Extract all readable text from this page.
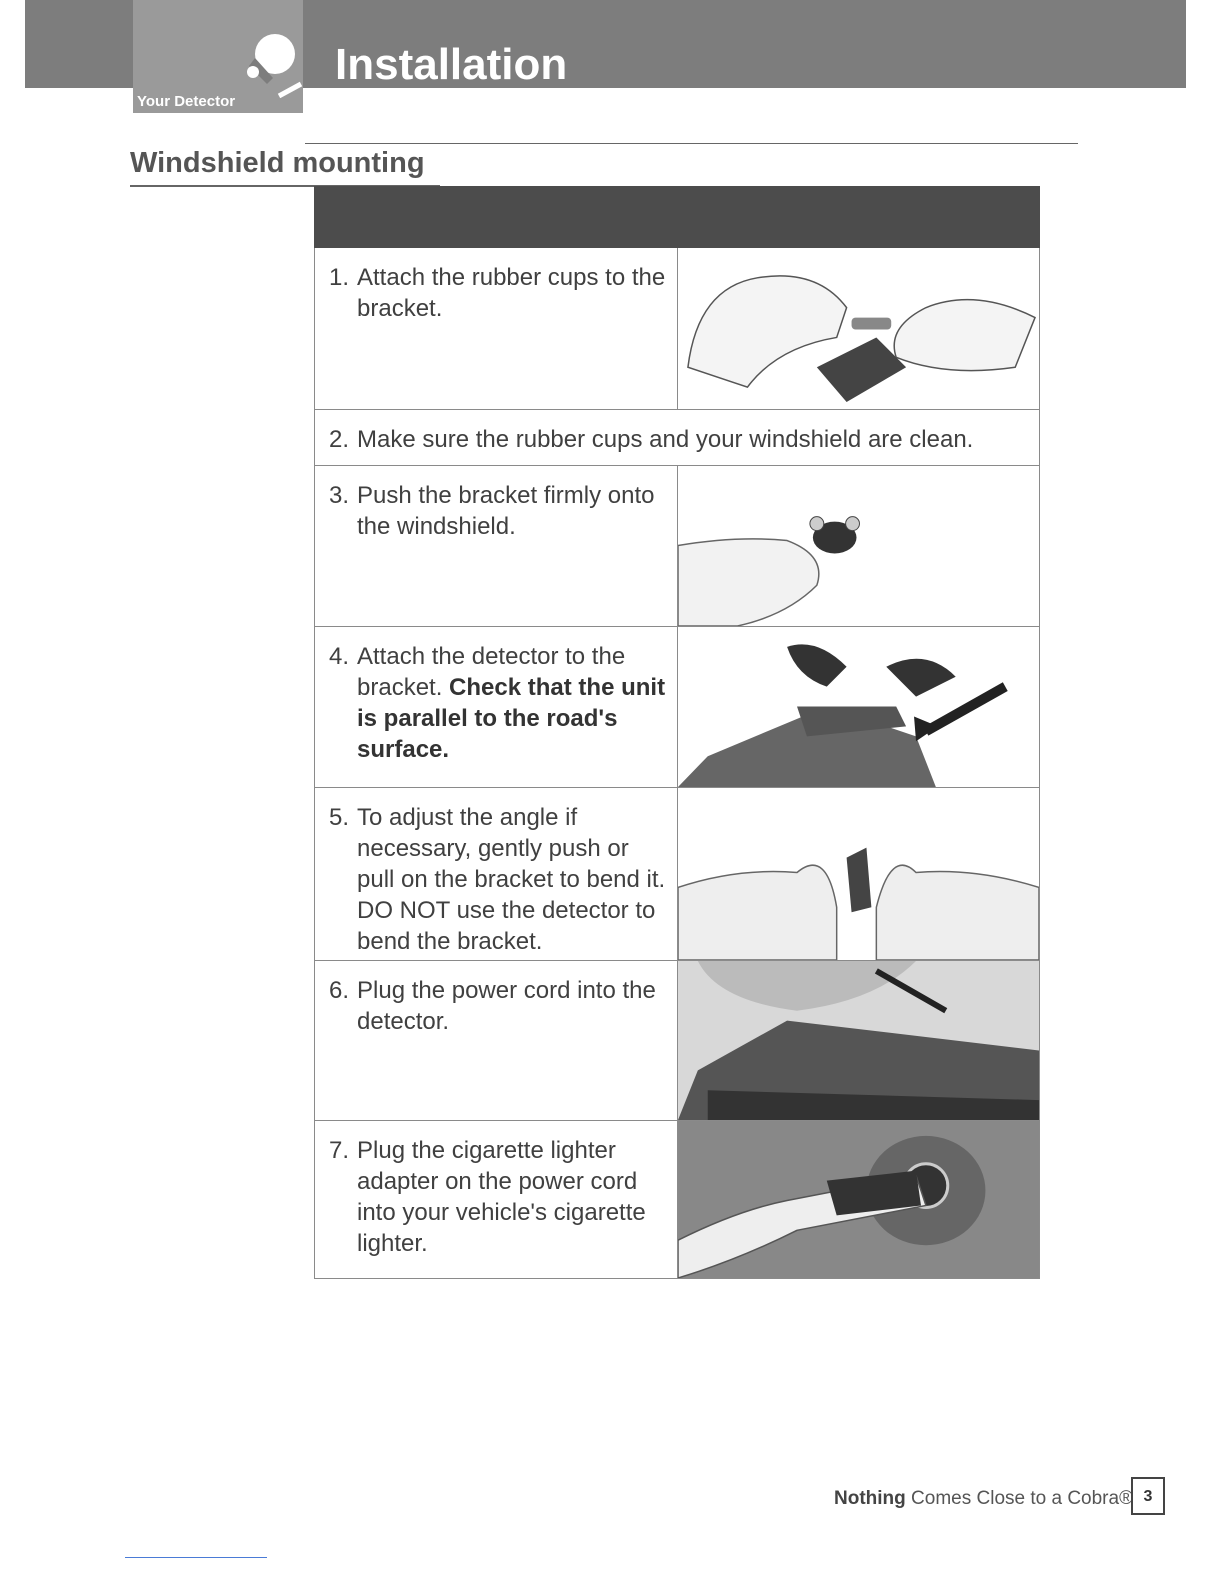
Your Detector
Installation
Windshield mounting
1. Attach the rubber cups to the bracket.
2. Make sure the rubber cups and your windshield are clean.
3. Push the bracket firmly onto the windshield.
4. Attach the detector to the bracket. Check that the unit is parallel to the road's surface.
5. To adjust the angle if necessary, gently push or pull on the bracket to bend it. DO NOT use the detector to bend the bracket.
6. Plug the power cord into the detector.
7. Plug the cigarette lighter adapter on the power cord into your vehicle's cigarette lighter.
Nothing Comes Close to a Cobra® 3
